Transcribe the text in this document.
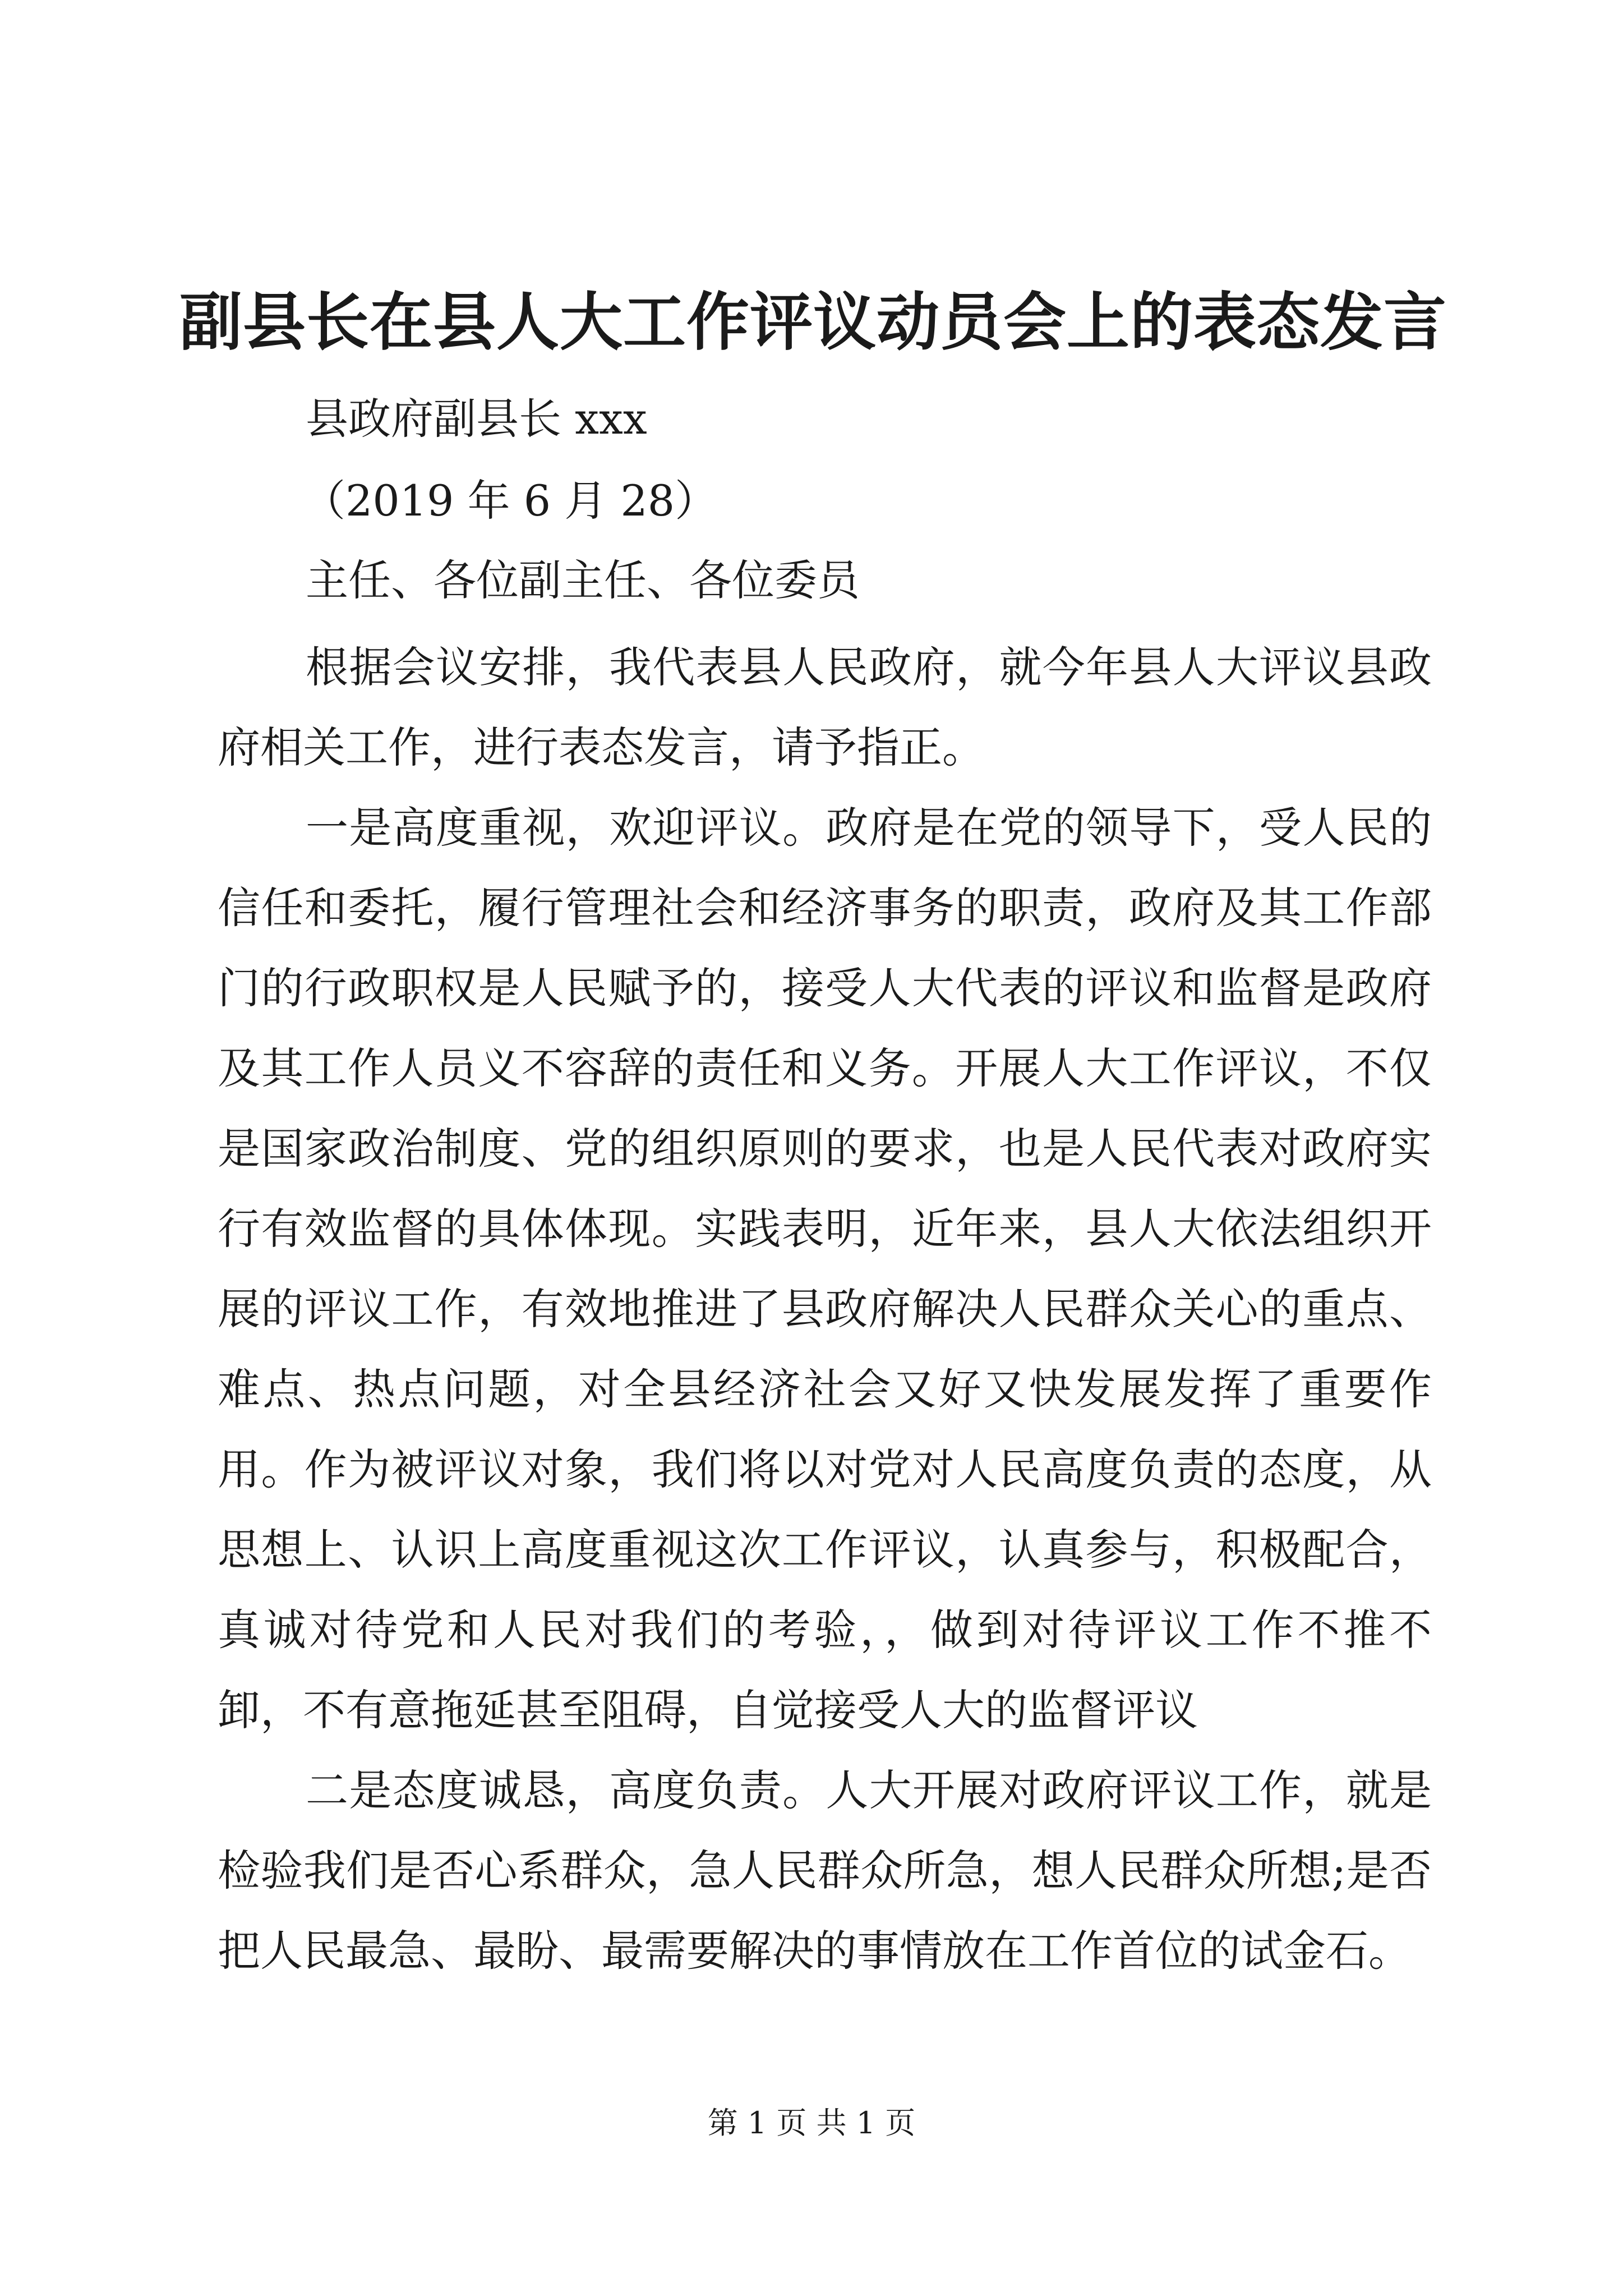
副县长在县人大工作评议动员会上的表态发言
县政府副县长 xxx
（2019 年 6 月 28）
主任、各位副主任、各位委员

根据会议安排，我代表县人民政府，就今年县人大评议县政府相关工作，进行表态发言，请予指正。

一是高度重视，欢迎评议。政府是在党的领导下，受人民的信任和委托，履行管理社会和经济事务的职责，政府及其工作部门的行政职权是人民赋予的，接受人大代表的评议和监督是政府及其工作人员义不容辞的责任和义务。开展人大工作评议，不仅是国家政治制度、党的组织原则的要求，也是人民代表对政府实行有效监督的具体体现。实践表明，近年来，县人大依法组织开展的评议工作，有效地推进了县政府解决人民群众关心的重点、难点、热点问题，对全县经济社会又好又快发展发挥了重要作用。作为被评议对象，我们将以对党对人民高度负责的态度，从思想上、认识上高度重视这次工作评议，认真参与，积极配合，真诚对待党和人民对我们的考验，，做到对待评议工作不推不卸，不有意拖延甚至阻碍，自觉接受人大的监督评议

二是态度诚恳，高度负责。人大开展对政府评议工作，就是检验我们是否心系群众，急人民群众所急，想人民群众所想;是否把人民最急、最盼、最需要解决的事情放在工作首位的试金石。

第 1 页 共 1 页
